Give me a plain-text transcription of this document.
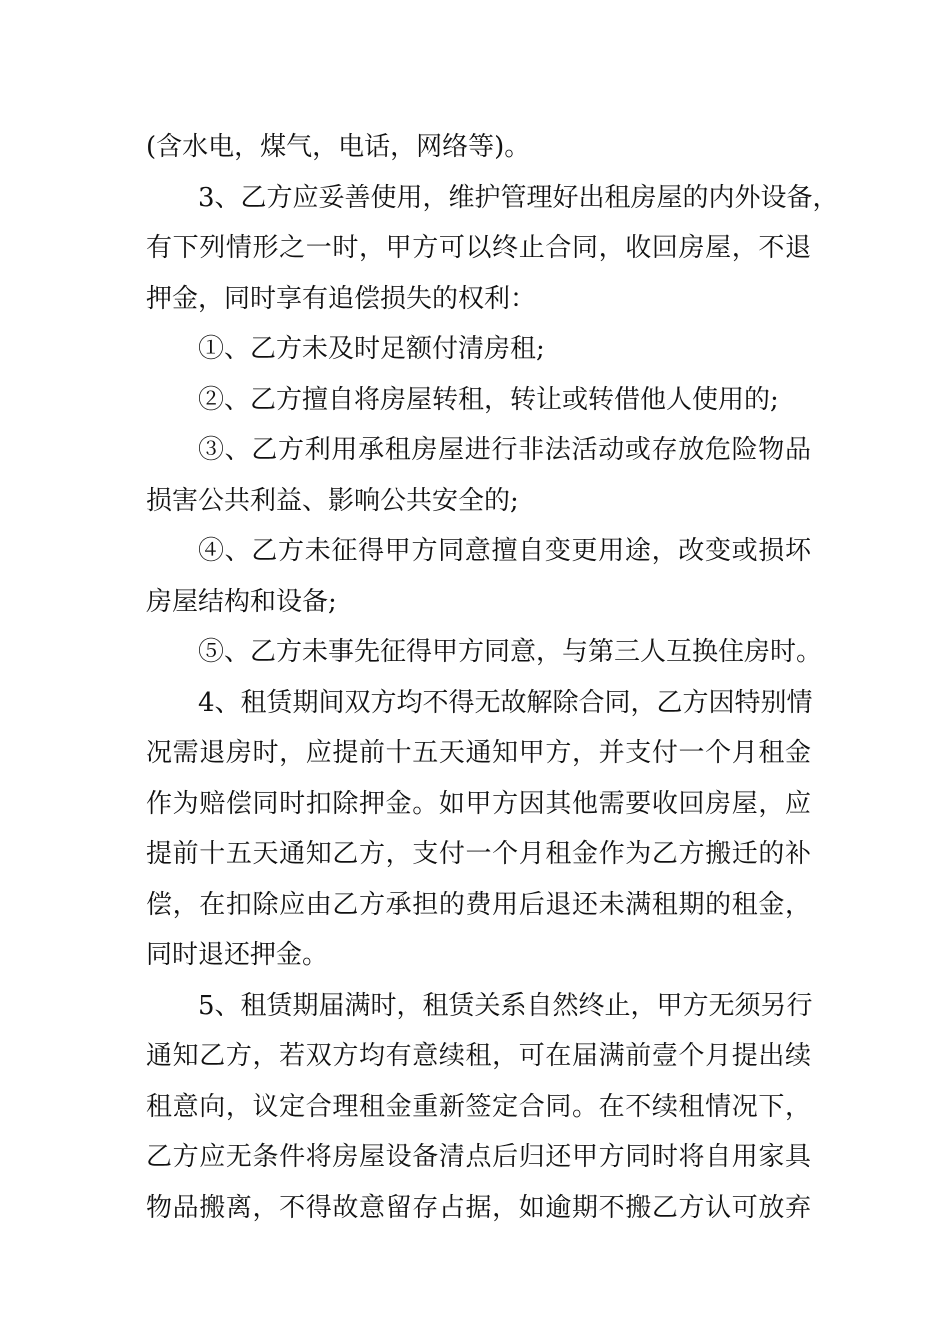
(含水电，煤气，电话，网络等)。
3、乙方应妥善使用，维护管理好出租房屋的内外设备，
有下列情形之一时，甲方可以终止合同，收回房屋，不退
押金，同时享有追偿损失的权利：
①、乙方未及时足额付清房租;
②、乙方擅自将房屋转租，转让或转借他人使用的;
③、乙方利用承租房屋进行非法活动或存放危险物品
损害公共利益、影响公共安全的;
④、乙方未征得甲方同意擅自变更用途，改变或损坏
房屋结构和设备;
⑤、乙方未事先征得甲方同意，与第三人互换住房时。
4、租赁期间双方均不得无故解除合同，乙方因特别情
况需退房时，应提前十五天通知甲方，并支付一个月租金
作为赔偿同时扣除押金。如甲方因其他需要收回房屋，应
提前十五天通知乙方，支付一个月租金作为乙方搬迁的补
偿，在扣除应由乙方承担的费用后退还未满租期的租金，
同时退还押金。
5、租赁期届满时，租赁关系自然终止，甲方无须另行
通知乙方，若双方均有意续租，可在届满前壹个月提出续
租意向，议定合理租金重新签定合同。在不续租情况下，
乙方应无条件将房屋设备清点后归还甲方同时将自用家具
物品搬离，不得故意留存占据，如逾期不搬乙方认可放弃
